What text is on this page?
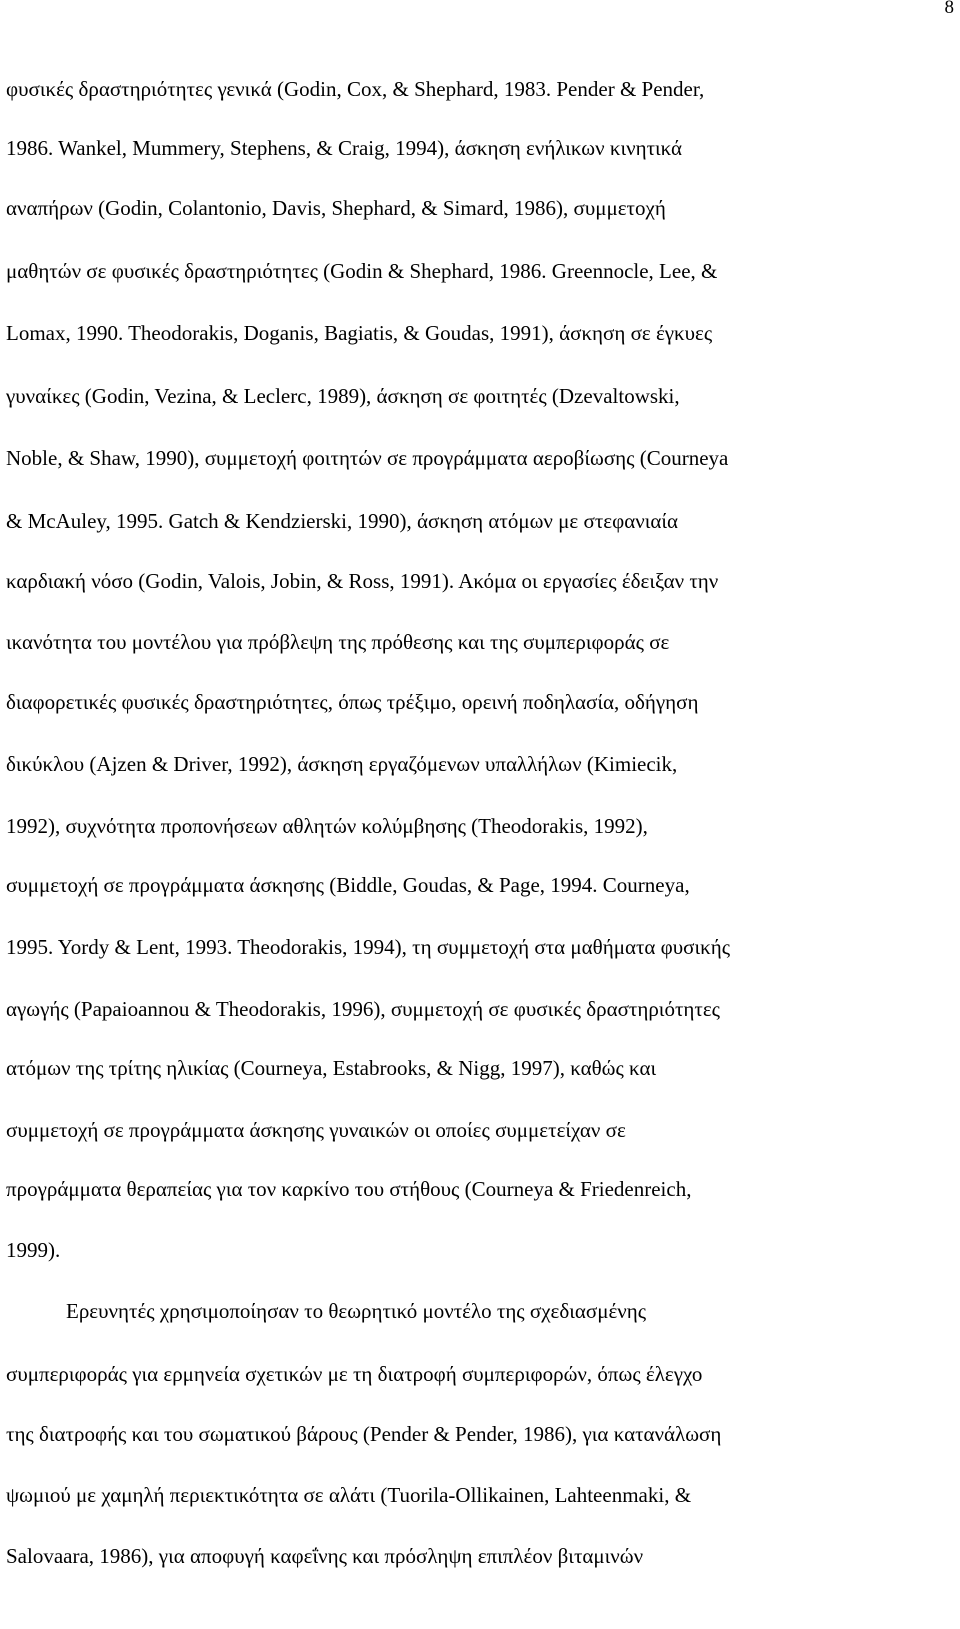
8
φυσικές δραστηριότητες γενικά (Godin, Cox, & Shephard, 1983. Pender & Pender,
1986. Wankel, Mummery, Stephens, & Craig, 1994), άσκηση ενήλικων κινητικά
αναπήρων (Godin, Colantonio, Davis, Shephard, & Simard, 1986), συμμετοχή
μαθητών σε φυσικές δραστηριότητες (Godin & Shephard, 1986. Greennocle, Lee, &
Lomax, 1990. Theodorakis, Doganis, Bagiatis, & Goudas, 1991), άσκηση σε έγκυες
γυναίκες (Godin, Vezina, & Leclerc, 1989), άσκηση σε φοιτητές (Dzevaltowski,
Noble, & Shaw, 1990), συμμετοχή φοιτητών σε προγράμματα αεροβίωσης (Courneya
& McAuley, 1995. Gatch & Kendzierski, 1990), άσκηση ατόμων με στεφανιαία
καρδιακή νόσο (Godin, Valois, Jobin, & Ross, 1991). Ακόμα οι εργασίες έδειξαν την
ικανότητα του μοντέλου για πρόβλεψη της πρόθεσης και της συμπεριφοράς σε
διαφορετικές φυσικές δραστηριότητες, όπως τρέξιμο, ορεινή ποδηλασία, οδήγηση
δικύκλου (Ajzen & Driver, 1992), άσκηση εργαζόμενων υπαλλήλων (Kimiecik,
1992), συχνότητα προπονήσεων αθλητών κολύμβησης (Theodorakis, 1992),
συμμετοχή σε προγράμματα άσκησης (Biddle, Goudas, & Page, 1994. Courneya,
1995. Yordy & Lent, 1993. Theodorakis, 1994), τη συμμετοχή στα μαθήματα φυσικής
αγωγής (Papaioannou & Theodorakis, 1996), συμμετοχή σε φυσικές δραστηριότητες
ατόμων της τρίτης ηλικίας (Courneya, Estabrooks, & Nigg, 1997), καθώς και
συμμετοχή σε προγράμματα άσκησης γυναικών οι οποίες συμμετείχαν σε
προγράμματα θεραπείας για τον καρκίνο του στήθους (Courneya & Friedenreich,
1999).
Ερευνητές χρησιμοποίησαν το θεωρητικό μοντέλο της σχεδιασμένης
συμπεριφοράς για ερμηνεία σχετικών με τη διατροφή συμπεριφορών, όπως έλεγχο
της διατροφής και του σωματικού βάρους (Pender & Pender, 1986), για κατανάλωση
ψωμιού με χαμηλή περιεκτικότητα σε αλάτι (Tuorila-Ollikainen, Lahteenmaki, &
Salovaara, 1986), για αποφυγή καφεΐνης και πρόσληψη επιπλέον βιταμινών
